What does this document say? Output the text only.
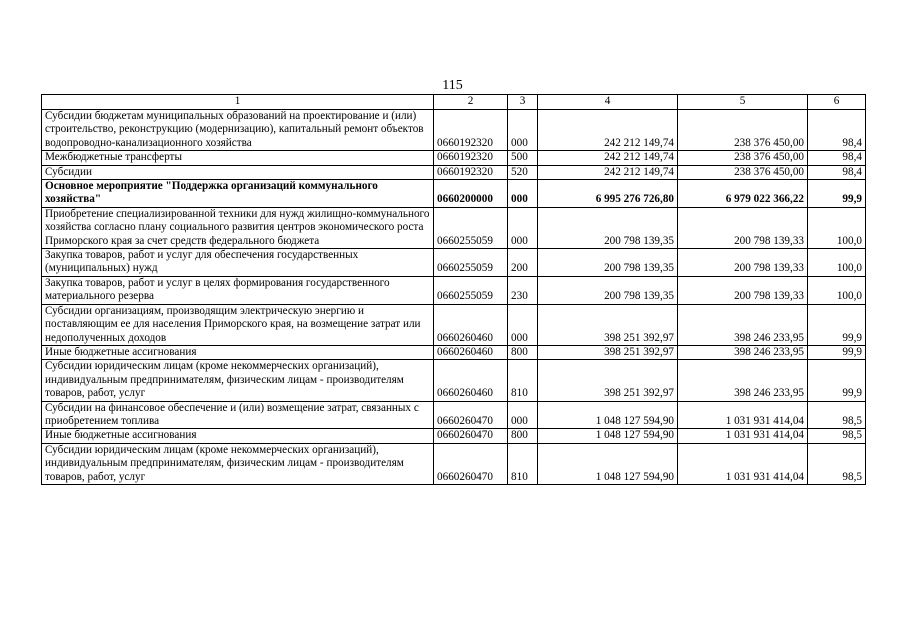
115
1	2	3	4	5	6
Субсидии бюджетам муниципальных образований на проектирование и (или) строительство, реконструкцию (модернизацию), капитальный ремонт объектов водопроводно-канализационного хозяйства	0660192320	000	242 212 149,74	238 376 450,00	98,4
Межбюджетные трансферты	0660192320	500	242 212 149,74	238 376 450,00	98,4
Субсидии	0660192320	520	242 212 149,74	238 376 450,00	98,4
Основное мероприятие "Поддержка организаций коммунального хозяйства"	0660200000	000	6 995 276 726,80	6 979 022 366,22	99,9
Приобретение специализированной техники для нужд жилищно-коммунального хозяйства согласно плану социального развития центров экономического роста Приморского края за счет средств федерального бюджета	0660255059	000	200 798 139,35	200 798 139,33	100,0
Закупка товаров, работ и услуг для обеспечения государственных (муниципальных) нужд	0660255059	200	200 798 139,35	200 798 139,33	100,0
Закупка товаров, работ и услуг в целях формирования государственного материального резерва	0660255059	230	200 798 139,35	200 798 139,33	100,0
Субсидии организациям, производящим электрическую энергию и поставляющим ее для населения Приморского края, на возмещение затрат или недополученных доходов	0660260460	000	398 251 392,97	398 246 233,95	99,9
Иные бюджетные ассигнования	0660260460	800	398 251 392,97	398 246 233,95	99,9
Субсидии юридическим лицам (кроме некоммерческих организаций), индивидуальным предпринимателям, физическим лицам - производителям товаров, работ, услуг	0660260460	810	398 251 392,97	398 246 233,95	99,9
Субсидии на финансовое обеспечение и (или) возмещение затрат, связанных с приобретением топлива	0660260470	000	1 048 127 594,90	1 031 931 414,04	98,5
Иные бюджетные ассигнования	0660260470	800	1 048 127 594,90	1 031 931 414,04	98,5
Субсидии юридическим лицам (кроме некоммерческих организаций), индивидуальным предпринимателям, физическим лицам - производителям товаров, работ, услуг	0660260470	810	1 048 127 594,90	1 031 931 414,04	98,5
